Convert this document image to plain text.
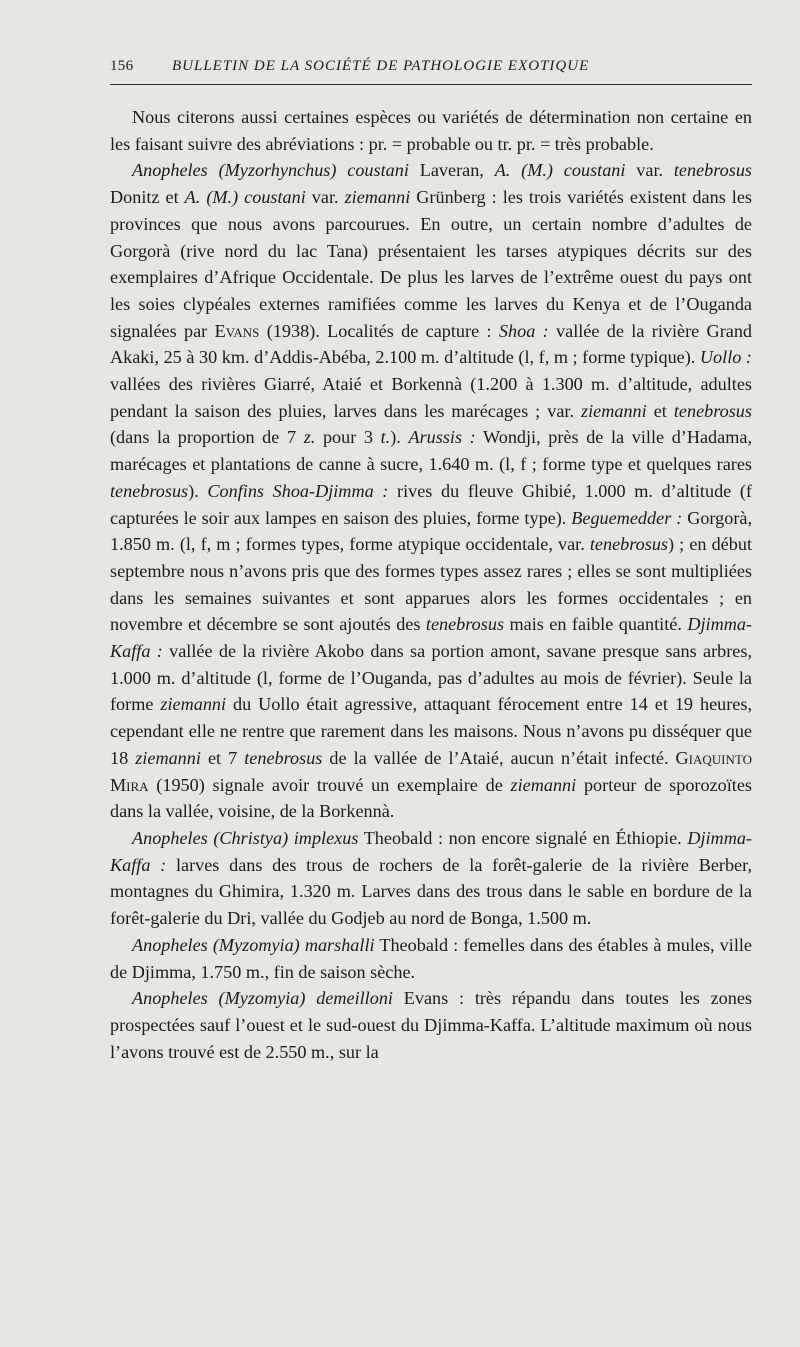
156	BULLETIN DE LA SOCIÉTÉ DE PATHOLOGIE EXOTIQUE

Nous citerons aussi certaines espèces ou variétés de détermination non certaine en les faisant suivre des abréviations : pr. = probable ou tr. pr. = très probable.

Anopheles (Myzorhynchus) coustani Laveran, A. (M.) coustani var. tenebrosus Donitz et A. (M.) coustani var. ziemanni Grünberg : les trois variétés existent dans les provinces que nous avons parcourues. En outre, un certain nombre d’adultes de Gorgorà (rive nord du lac Tana) présentaient les tarses atypiques décrits sur des exemplaires d’Afrique Occidentale. De plus les larves de l’extrême ouest du pays ont les soies clypéales externes ramifiées comme les larves du Kenya et de l’Ouganda signalées par Evans (1938). Localités de capture : Shoa : vallée de la rivière Grand Akaki, 25 à 30 km. d’Addis-Abéba, 2.100 m. d’altitude (l, f, m ; forme typique). Uollo : vallées des rivières Giarré, Ataié et Borkennà (1.200 à 1.300 m. d’altitude, adultes pendant la saison des pluies, larves dans les marécages ; var. ziemanni et tenebrosus (dans la proportion de 7 z. pour 3 t.). Arussis : Wondji, près de la ville d’Hadama, marécages et plantations de canne à sucre, 1.640 m. (l, f ; forme type et quelques rares tenebrosus). Confins Shoa-Djimma : rives du fleuve Ghibié, 1.000 m. d’altitude (f capturées le soir aux lampes en saison des pluies, forme type). Beguemedder : Gorgorà, 1.850 m. (l, f, m ; formes types, forme atypique occidentale, var. tenebrosus) ; en début septembre nous n’avons pris que des formes types assez rares ; elles se sont multipliées dans les semaines suivantes et sont apparues alors les formes occidentales ; en novembre et décembre se sont ajoutés des tenebrosus mais en faible quantité. Djimma-Kaffa : vallée de la rivière Akobo dans sa portion amont, savane presque sans arbres, 1.000 m. d’altitude (l, forme de l’Ouganda, pas d’adultes au mois de février). Seule la forme ziemanni du Uollo était agressive, attaquant férocement entre 14 et 19 heures, cependant elle ne rentre que rarement dans les maisons. Nous n’avons pu disséquer que 18 ziemanni et 7 tenebrosus de la vallée de l’Ataié, aucun n’était infecté. Giaquinto Mira (1950) signale avoir trouvé un exemplaire de ziemanni porteur de sporozoïtes dans la vallée, voisine, de la Borkennà.

Anopheles (Christya) implexus Theobald : non encore signalé en Éthiopie. Djimma-Kaffa : larves dans des trous de rochers de la forêt-galerie de la rivière Berber, montagnes du Ghimira, 1.320 m. Larves dans des trous dans le sable en bordure de la forêt-galerie du Dri, vallée du Godjeb au nord de Bonga, 1.500 m.

Anopheles (Myzomyia) marshalli Theobald : femelles dans des étables à mules, ville de Djimma, 1.750 m., fin de saison sèche.

Anopheles (Myzomyia) demeilloni Evans : très répandu dans toutes les zones prospectées sauf l’ouest et le sud-ouest du Djimma-Kaffa. L’altitude maximum où nous l’avons trouvé est de 2.550 m., sur la
